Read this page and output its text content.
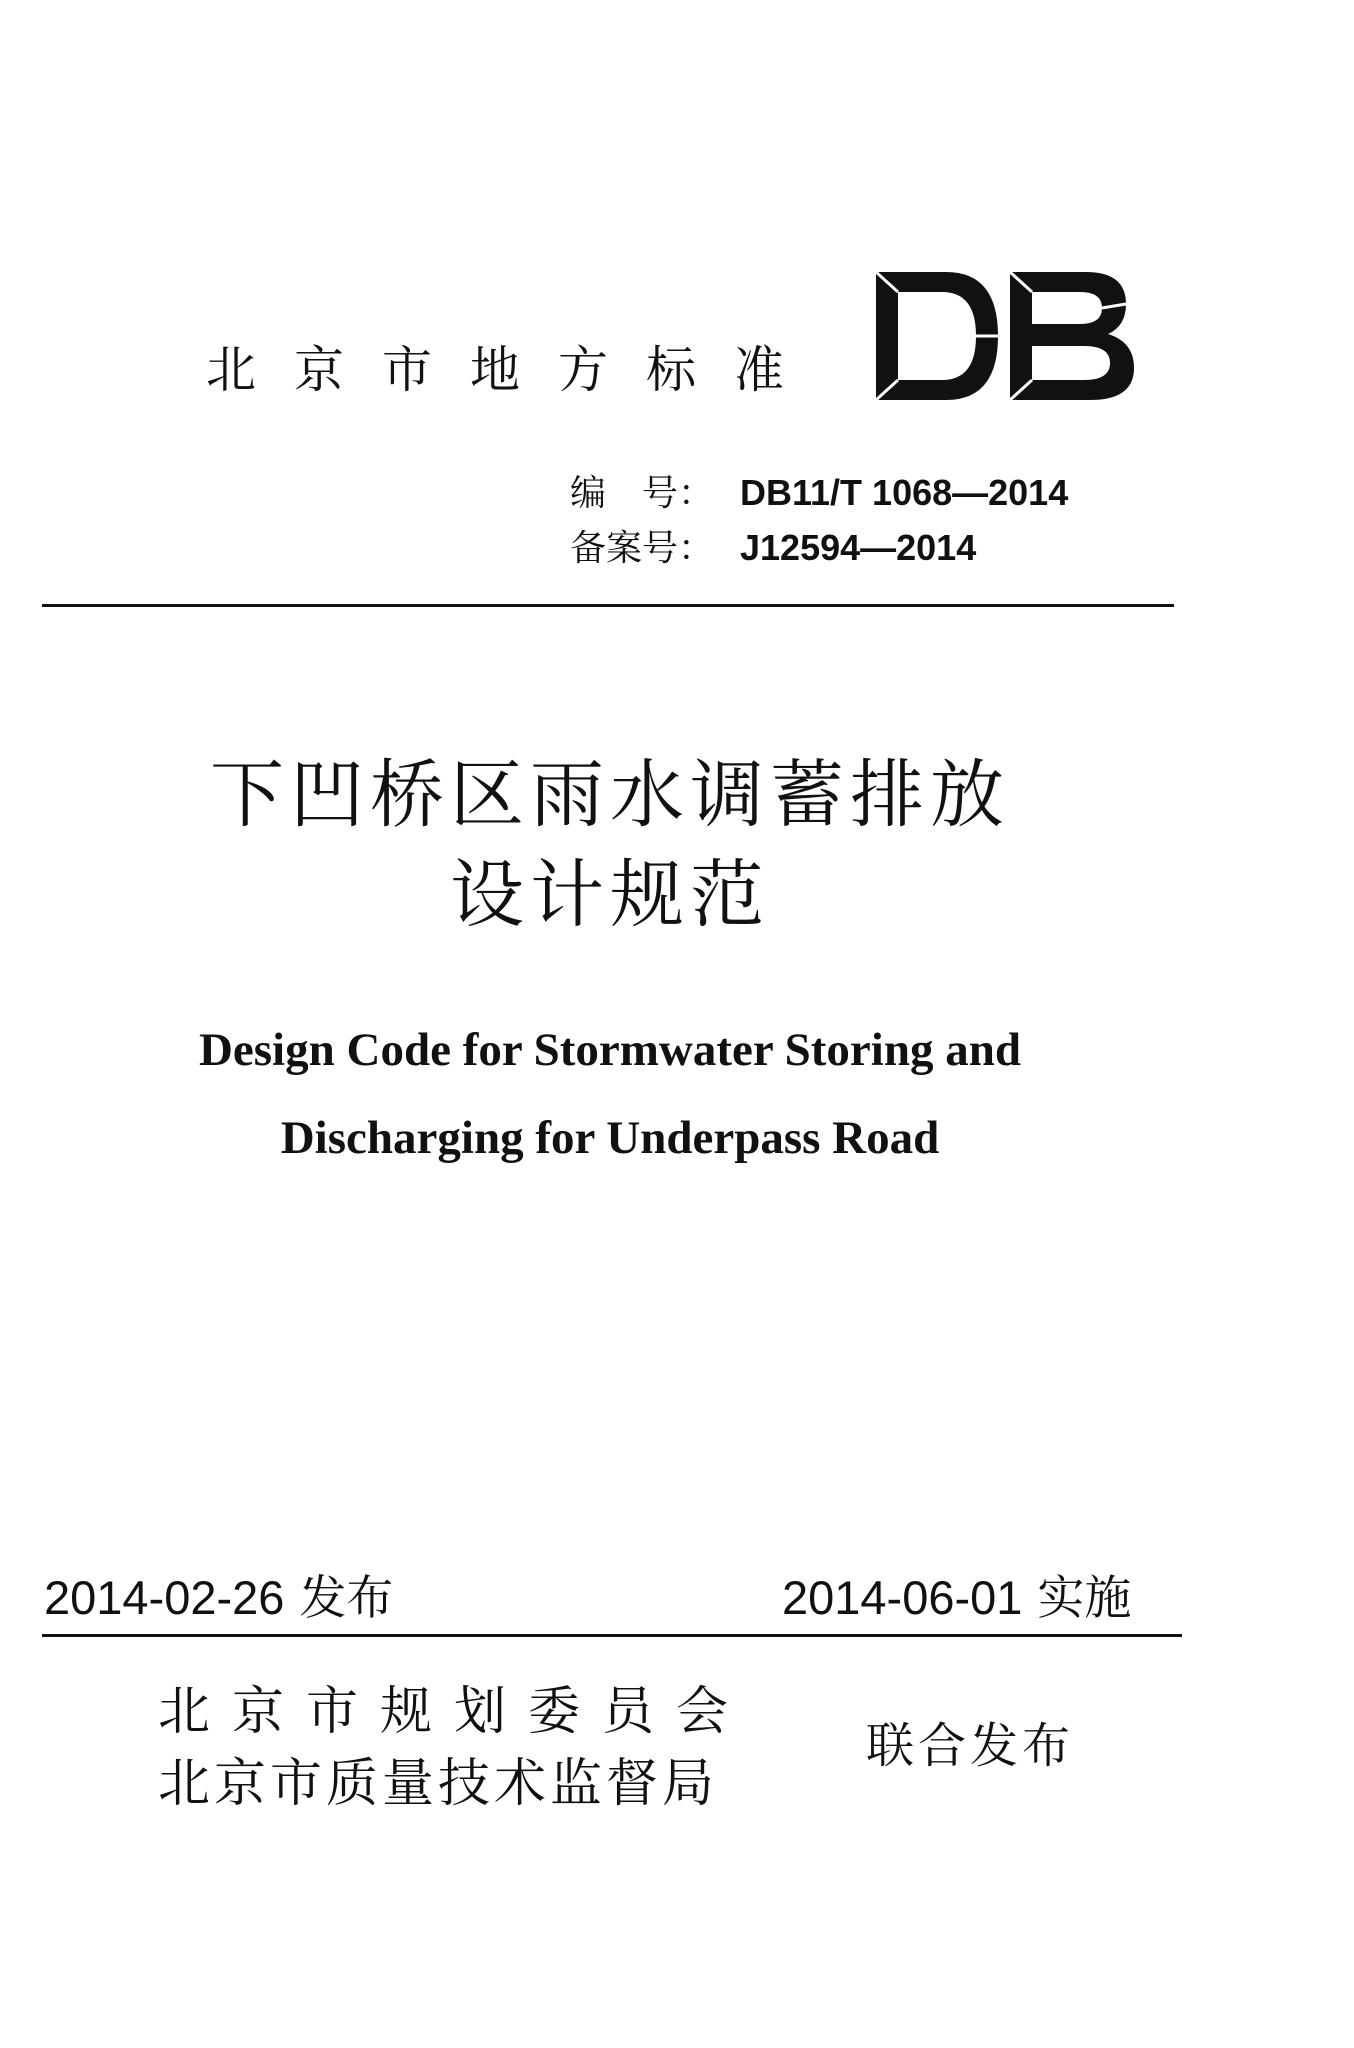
北京市地方标准
DB
编　号： DB11/T 1068—2014
备案号： J12594—2014
下凹桥区雨水调蓄排放
设计规范
Design Code for Stormwater Storing and
Discharging for Underpass Road
2014-02-26 发布	2014-06-01 实施
北京市规划委员会
北京市质量技术监督局
联合发布
